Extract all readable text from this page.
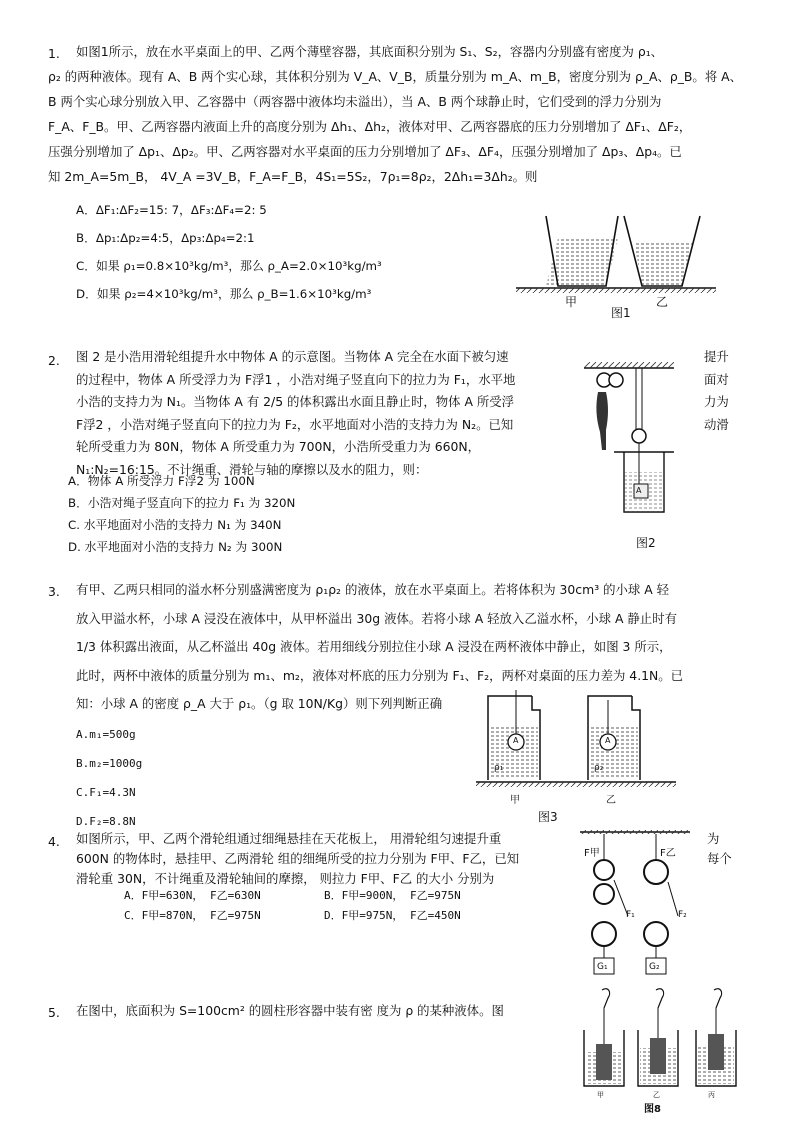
1. 如图1所示，放在水平桌面上的甲、乙两个薄壁容器，其底面积分别为 S₁、S₂，容器内分别盛有密度为 ρ₁、
ρ₂ 的两种液体。现有 A、B 两个实心球，其体积分别为 V_A、V_B，质量分别为 m_A、m_B，密度分别为 ρ_A、ρ_B。将 A、
B 两个实心球分别放入甲、乙容器中（两容器中液体均未溢出），当 A、B 两个球静止时，它们受到的浮力分别为
F_A、F_B。甲、乙两容器内液面上升的高度分别为 Δh₁、Δh₂，液体对甲、乙两容器底的压力分别增加了 ΔF₁、ΔF₂，
压强分别增加了 Δp₁、Δp₂。甲、乙两容器对水平桌面的压力分别增加了 ΔF₃、ΔF₄，压强分别增加了 Δp₃、Δp₄。已
知 2m_A=5m_B， 4V_A =3V_B，F_A=F_B，4S₁=5S₂，7ρ₁=8ρ₂，2Δh₁=3Δh₂。则
A．ΔF₁:ΔF₂=15: 7，ΔF₃:ΔF₄=2: 5
B．Δp₁:Δp₂=4:5，Δp₃:Δp₄=2:1
C．如果 ρ₁=0.8×10³kg/m³，那么 ρ_A=2.0×10³kg/m³
D．如果 ρ₂=4×10³kg/m³，那么 ρ_B=1.6×10³kg/m³
甲	乙
图1
2. 图 2 是小浩用滑轮组提升水中物体 A 的示意图。当物体 A 完全在水面下被匀速
的过程中，物体 A 所受浮力为 F浮1 ，小浩对绳子竖直向下的拉力为 F₁，水平地
小浩的支持力为 N₁。当物体 A 有 2/5 的体积露出水面且静止时，物体 A 所受浮
F浮2 ，小浩对绳子竖直向下的拉力为 F₂，水平地面对小浩的支持力为 N₂。已知
轮所受重力为 80N，物体 A 所受重力为 700N，小浩所受重力为 660N，
N₁:N₂=16:15。不计绳重、滑轮与轴的摩擦以及水的阻力，则：
提升
面对
力为
动滑
A．物体 A 所受浮力 F浮2 为 100N
B．小浩对绳子竖直向下的拉力 F₁ 为 320N
C. 水平地面对小浩的支持力 N₁ 为 340N
D. 水平地面对小浩的支持力 N₂ 为 300N
A
图2
3. 有甲、乙两只相同的溢水杯分别盛满密度为 ρ₁ρ₂ 的液体，放在水平桌面上。若将体积为 30cm³ 的小球 A 轻
放入甲溢水杯，小球 A 浸没在液体中，从甲杯溢出 30g 液体。若将小球 A 轻放入乙溢水杯，小球 A 静止时有
1/3 体积露出液面，从乙杯溢出 40g 液体。若用细线分别拉住小球 A 浸没在两杯液体中静止，如图 3 所示，
此时，两杯中液体的质量分别为 m₁、m₂，液体对杯底的压力分别为 F₁、F₂，两杯对桌面的压力差为 4.1N。已
知：小球 A 的密度 ρ_A 大于 ρ₁。（g 取 10N/Kg）则下列判断正确
A.m₁=500g
B.m₂=1000g
C.F₁=4.3N
D.F₂=8.8N
A	A
ρ₁	ρ₂
甲	乙
图3
4. 如图所示，甲、乙两个滑轮组通过细绳悬挂在天花板上， 用滑轮组匀速提升重
600N 的物体时，悬挂甲、乙两滑轮 组的细绳所受的拉力分别为 F甲、F乙，已知
滑轮重 30N，不计绳重及滑轮轴间的摩擦， 则拉力 F甲、F乙 的大小 分别为
为
每个
A．F甲=630N， F乙=630N	B．F甲=900N， F乙=975N
C．F甲=870N， F乙=975N	D．F甲=975N， F乙=450N
F甲	F乙
F₁	F₂
G₁	G₂
5. 在图中，底面积为 S=100cm² 的圆柱形容器中装有密 度为 ρ 的某种液体。图
甲	乙	丙
图8
